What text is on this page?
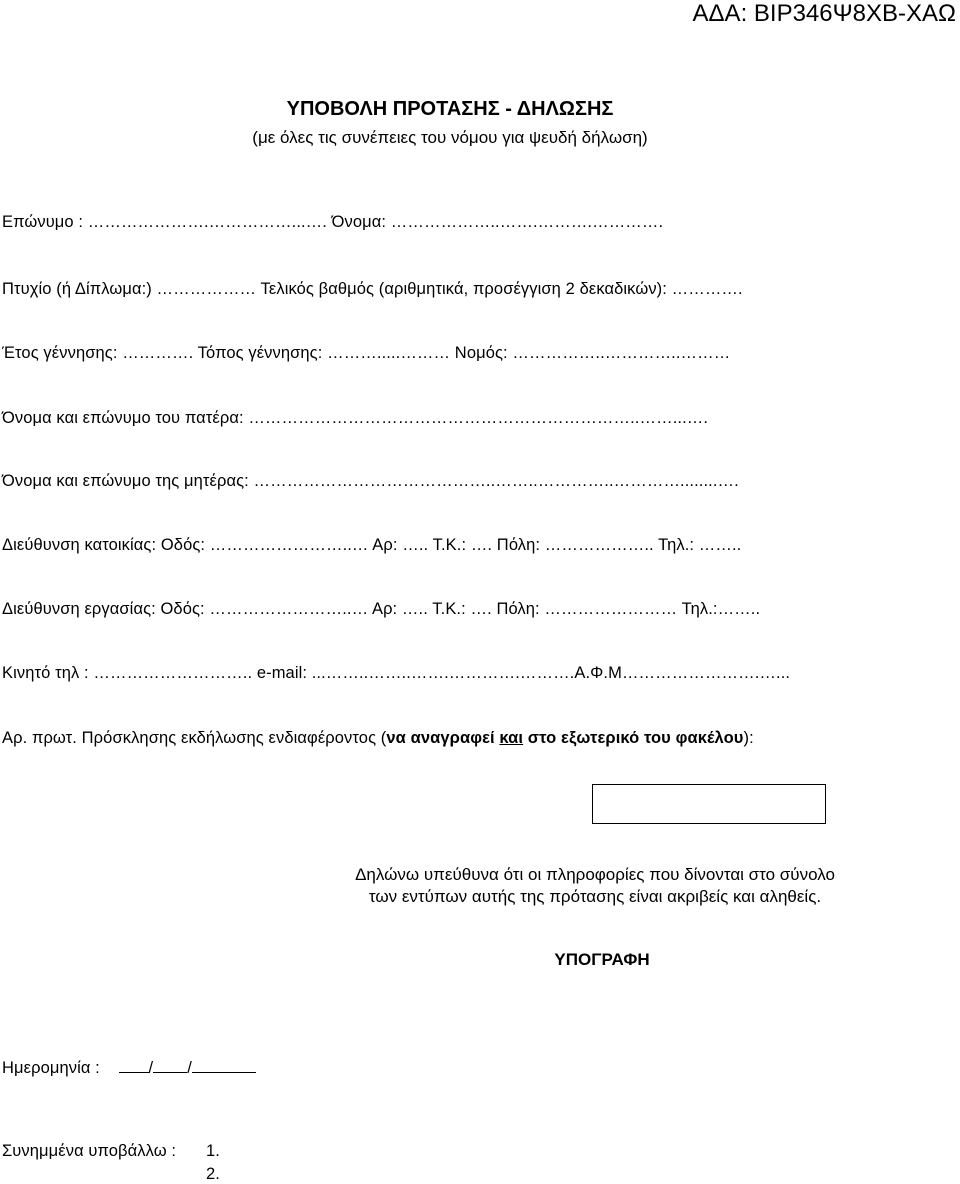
ΑΔΑ: ΒΙΡ346Ψ8ΧΒ-ΧΑΩ
ΥΠΟΒΟΛΗ ΠΡΟΤΑΣΗΣ - ΔΗΛΩΣΗΣ
(με όλες τις συνέπειες του νόμου για ψευδή δήλωση)
Επώνυμο : ………………….……………...…. Όνομα: ………………..…….……….………….
Πτυχίο (ή Δίπλωμα:) ……………… Τελικός βαθμός (αριθμητικά, προσέγγιση 2 δεκαδικών): ………….
Έτος γέννησης: …………. Τόπος γέννησης: ……….....……… Νομός: ……………..…………..………
Όνομα και επώνυμο του πατέρα: ……………………………………………………………..……...….
Όνομα και επώνυμο της μητέρας: ……………………………………..……..…………..…………........….
Διεύθυνση κατοικίας: Οδός: ……………………..… Αρ: ….. Τ.Κ.: …. Πόλη: ……………….. Τηλ.: ……..
Διεύθυνση εργασίας: Οδός: ……………………..… Αρ: ….. Τ.Κ.: …. Πόλη: …………………… Τηλ.:……..
Κινητό τηλ : ……………………….. e-mail: ...……..……..…….………….……….Α.Φ.Μ…………………….…...
Αρ. πρωτ. Πρόσκλησης εκδήλωσης ενδιαφέροντος (να αναγραφεί και στο εξωτερικό του φακέλου):
Δηλώνω υπεύθυνα ότι οι πληροφορίες που δίνονται στο σύνολο
των εντύπων αυτής της πρότασης είναι ακριβείς και αληθείς.
ΥΠΟΓΡΑΦΗ
Ημερομηνία :	/ /
Συνημμένα υποβάλλω : 1.
2.
